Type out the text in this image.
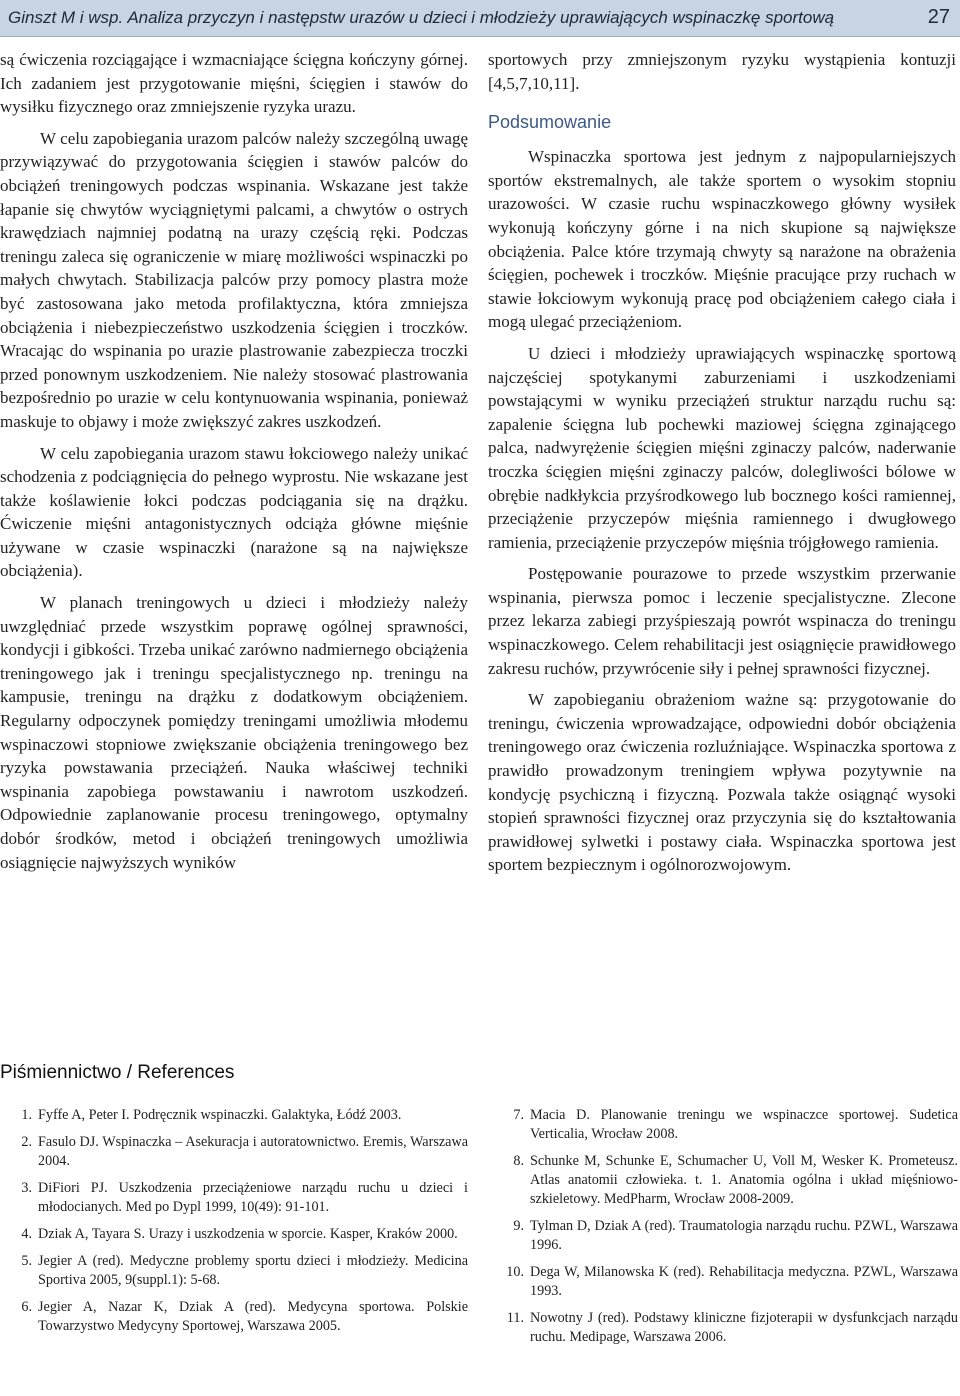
Ginszt M i wsp. Analiza przyczyn i następstw urazów u dzieci i młodzieży uprawiających wspinaczkę sportową	27

są ćwiczenia rozciągające i wzmacniające ścięgna kończyny górnej. Ich zadaniem jest przygotowanie mięśni, ścięgien i stawów do wysiłku fizycznego oraz zmniejszenie ryzyka urazu.

W celu zapobiegania urazom palców należy szczególną uwagę przywiązywać do przygotowania ścięgien i stawów palców do obciążeń treningowych podczas wspinania. Wskazane jest także łapanie się chwytów wyciągniętymi palcami, a chwytów o ostrych krawędziach najmniej podatną na urazy częścią ręki. Podczas treningu zaleca się ograniczenie w miarę możliwości wspinaczki po małych chwytach. Stabilizacja palców przy pomocy plastra może być zastosowana jako metoda profilaktyczna, która zmniejsza obciążenia i niebezpieczeństwo uszkodzenia ścięgien i troczków. Wracając do wspinania po urazie plastrowanie zabezpiecza troczki przed ponownym uszkodzeniem. Nie należy stosować plastrowania bezpośrednio po urazie w celu kontynuowania wspinania, ponieważ maskuje to objawy i może zwiększyć zakres uszkodzeń.

W celu zapobiegania urazom stawu łokciowego należy unikać schodzenia z podciągnięcia do pełnego wyprostu. Nie wskazane jest także koślawienie łokci podczas podciągania się na drążku. Ćwiczenie mięśni antagonistycznych odciąża główne mięśnie używane w czasie wspinaczki (narażone są na największe obciążenia).

W planach treningowych u dzieci i młodzieży należy uwzględniać przede wszystkim poprawę ogólnej sprawności, kondycji i gibkości. Trzeba unikać zarówno nadmiernego obciążenia treningowego jak i treningu specjalistycznego np. treningu na kampusie, treningu na drążku z dodatkowym obciążeniem. Regularny odpoczynek pomiędzy treningami umożliwia młodemu wspinaczowi stopniowe zwiększanie obciążenia treningowego bez ryzyka powstawania przeciążeń. Nauka właściwej techniki wspinania zapobiega powstawaniu i nawrotom uszkodzeń. Odpowiednie zaplanowanie procesu treningowego, optymalny dobór środków, metod i obciążeń treningowych umożliwia osiągnięcie najwyższych wyników

sportowych przy zmniejszonym ryzyku wystąpienia kontuzji [4,5,7,10,11].

Podsumowanie

Wspinaczka sportowa jest jednym z najpopularniejszych sportów ekstremalnych, ale także sportem o wysokim stopniu urazowości. W czasie ruchu wspinaczkowego główny wysiłek wykonują kończyny górne i na nich skupione są największe obciążenia. Palce które trzymają chwyty są narażone na obrażenia ścięgien, pochewek i troczków. Mięśnie pracujące przy ruchach w stawie łokciowym wykonują pracę pod obciążeniem całego ciała i mogą ulegać przeciążeniom.

U dzieci i młodzieży uprawiających wspinaczkę sportową najczęściej spotykanymi zaburzeniami i uszkodzeniami powstającymi w wyniku przeciążeń struktur narządu ruchu są: zapalenie ścięgna lub pochewki maziowej ścięgna zginającego palca, nadwyrężenie ścięgien mięśni zginaczy palców, naderwanie troczka ścięgien mięśni zginaczy palców, dolegliwości bólowe w obrębie nadkłykcia przyśrodkowego lub bocznego kości ramiennej, przeciążenie przyczepów mięśnia ramiennego i dwugłowego ramienia, przeciążenie przyczepów mięśnia trójgłowego ramienia.

Postępowanie pourazowe to przede wszystkim przerwanie wspinania, pierwsza pomoc i leczenie specjalistyczne. Zlecone przez lekarza zabiegi przyśpieszają powrót wspinacza do treningu wspinaczkowego. Celem rehabilitacji jest osiągnięcie prawidłowego zakresu ruchów, przywrócenie siły i pełnej sprawności fizycznej.

W zapobieganiu obrażeniom ważne są: przygotowanie do treningu, ćwiczenia wprowadzające, odpowiedni dobór obciążenia treningowego oraz ćwiczenia rozluźniające. Wspinaczka sportowa z prawidło prowadzonym treningiem wpływa pozytywnie na kondycję psychiczną i fizyczną. Pozwala także osiągnąć wysoki stopień sprawności fizycznej oraz przyczynia się do kształtowania prawidłowej sylwetki i postawy ciała. Wspinaczka sportowa jest sportem bezpiecznym i ogólnorozwojowym.

Piśmiennictwo / References
1. Fyffe A, Peter I. Podręcznik wspinaczki. Galaktyka, Łódź 2003.
2. Fasulo DJ. Wspinaczka – Asekuracja i autoratownictwo. Eremis, Warszawa 2004.
3. DiFiori PJ. Uszkodzenia przeciążeniowe narządu ruchu u dzieci i młodocianych. Med po Dypl 1999, 10(49): 91-101.
4. Dziak A, Tayara S. Urazy i uszkodzenia w sporcie. Kasper, Kraków 2000.
5. Jegier A (red). Medyczne problemy sportu dzieci i młodzieży. Medicina Sportiva 2005, 9(suppl.1): 5-68.
6. Jegier A, Nazar K, Dziak A (red). Medycyna sportowa. Polskie Towarzystwo Medycyny Sportowej, Warszawa 2005.
7. Macia D. Planowanie treningu we wspinaczce sportowej. Sudetica Verticalia, Wrocław 2008.
8. Schunke M, Schunke E, Schumacher U, Voll M, Wesker K. Prometeusz. Atlas anatomii człowieka. t. 1. Anatomia ogólna i układ mięśniowo-szkieletowy. MedPharm, Wrocław 2008-2009.
9. Tylman D, Dziak A (red). Traumatologia narządu ruchu. PZWL, Warszawa 1996.
10. Dega W, Milanowska K (red). Rehabilitacja medyczna. PZWL, Warszawa 1993.
11. Nowotny J (red). Podstawy kliniczne fizjoterapii w dysfunkcjach narządu ruchu. Medipage, Warszawa 2006.
